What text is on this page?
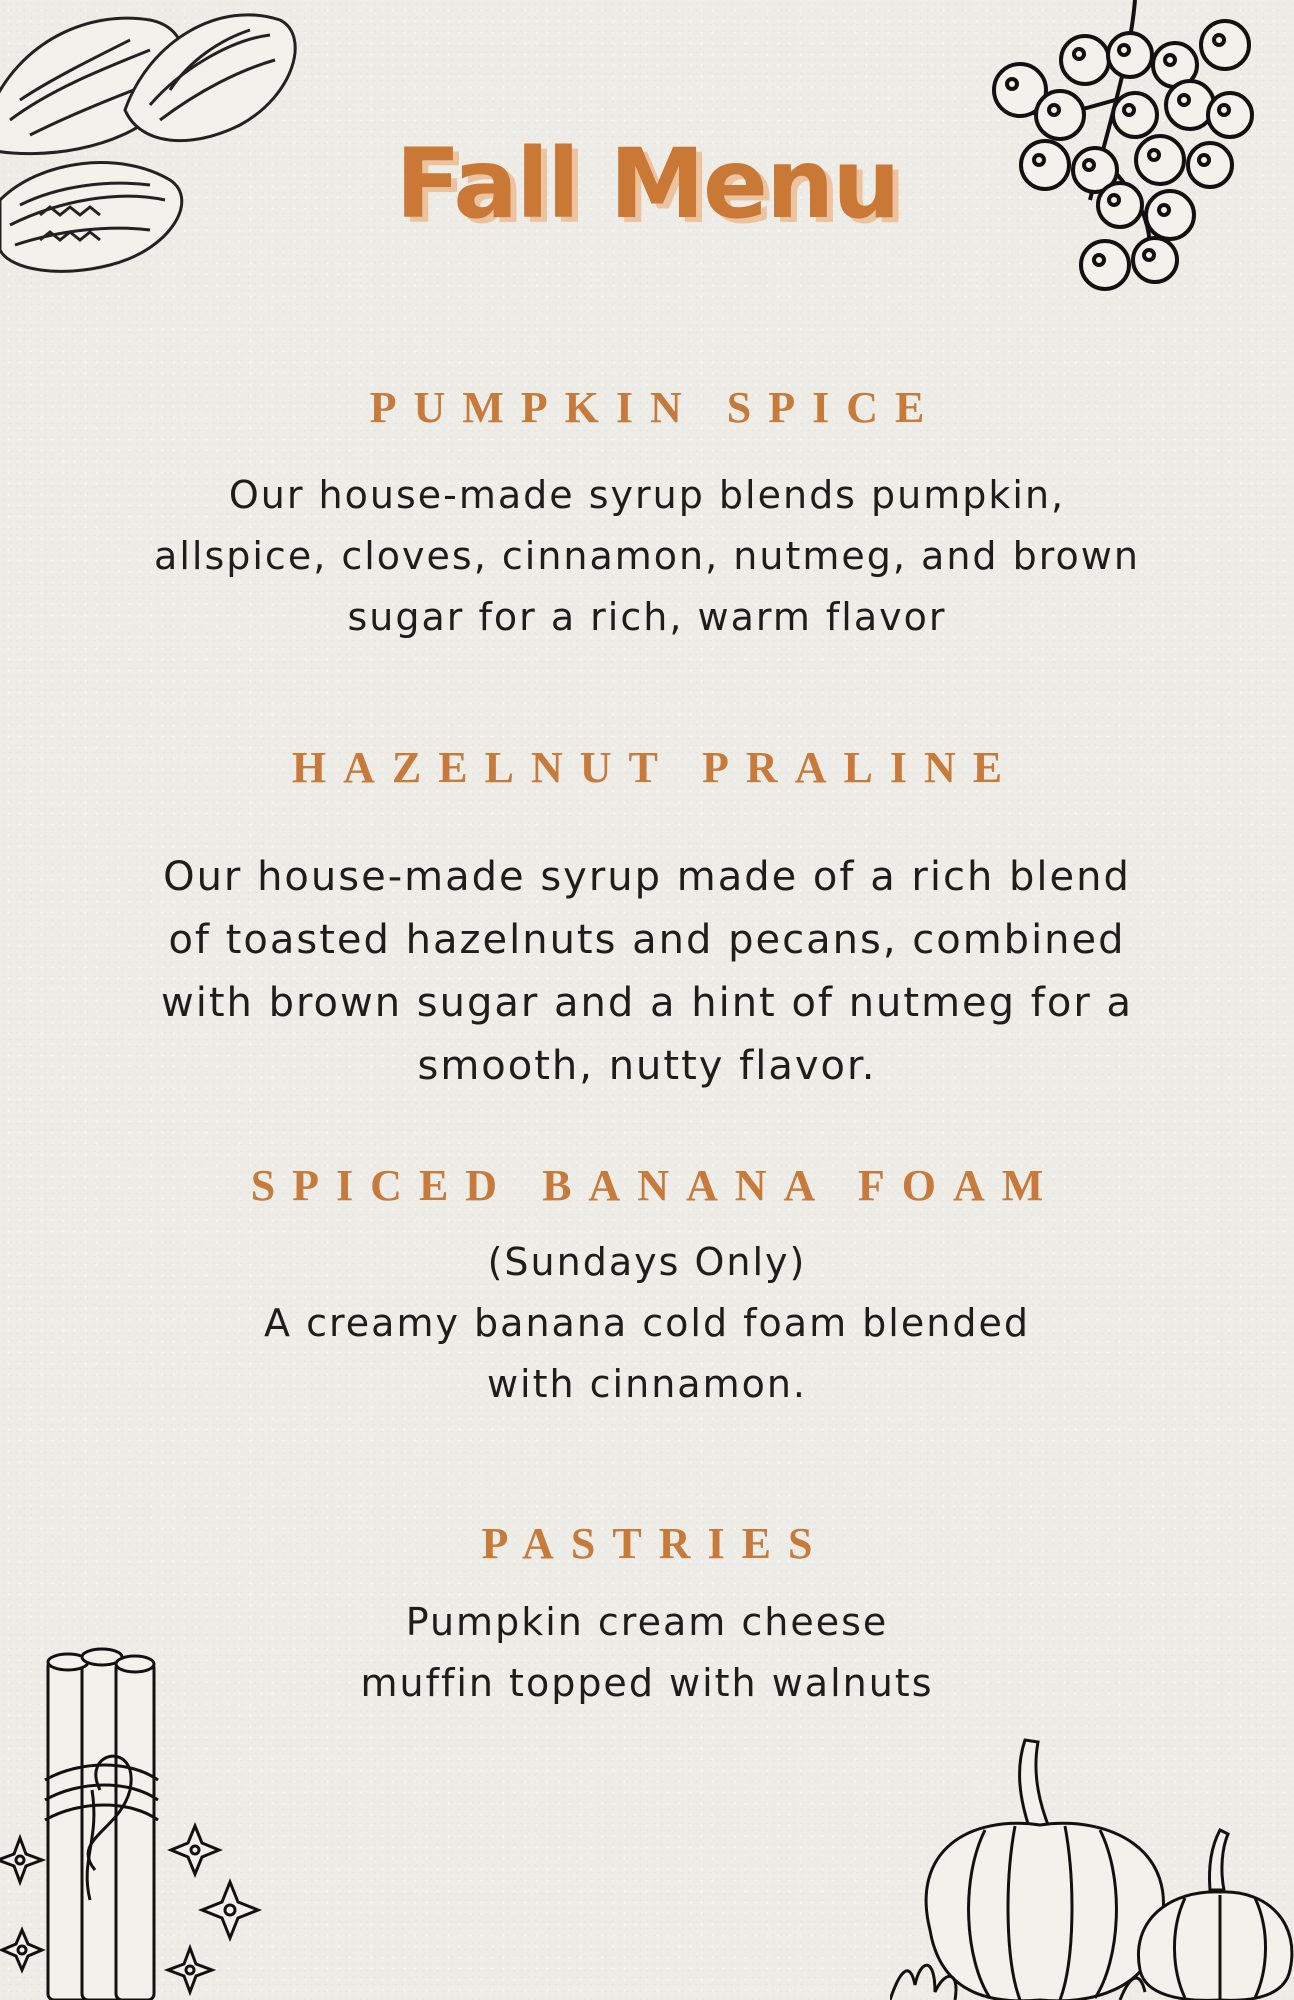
Fall Menu
PUMPKIN SPICE
Our house-made syrup blends pumpkin,
allspice, cloves, cinnamon, nutmeg, and brown
sugar for a rich, warm flavor
HAZELNUT PRALINE
Our house-made syrup made of a rich blend
of toasted hazelnuts and pecans, combined
with brown sugar and a hint of nutmeg for a
smooth, nutty flavor.
SPICED BANANA FOAM
(Sundays Only)
A creamy banana cold foam blended
with cinnamon.
PASTRIES
Pumpkin cream cheese
muffin topped with walnuts
